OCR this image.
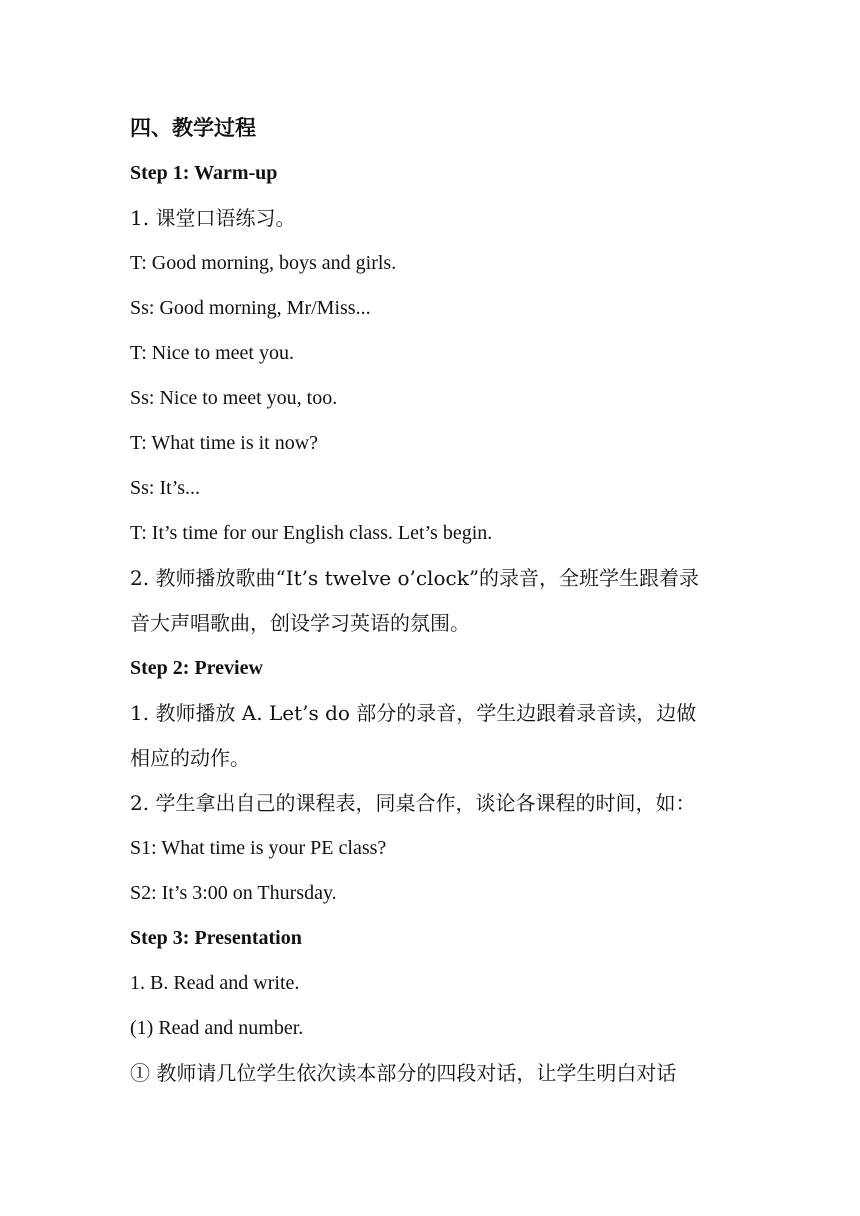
四、教学过程
Step 1: Warm-up
1. 课堂口语练习。
T: Good morning, boys and girls.
Ss: Good morning, Mr/Miss...
T: Nice to meet you.
Ss: Nice to meet you, too.
T: What time is it now?
Ss: It’s...
T: It’s time for our English class. Let’s begin.
2. 教师播放歌曲“It’s twelve o’clock”的录音，全班学生跟着录
音大声唱歌曲，创设学习英语的氛围。
Step 2: Preview
1. 教师播放 A. Let’s do 部分的录音，学生边跟着录音读，边做
相应的动作。
2. 学生拿出自己的课程表，同桌合作，谈论各课程的时间，如：
S1: What time is your PE class?
S2: It’s 3:00 on Thursday.
Step 3: Presentation
1. B. Read and write.
(1) Read and number.
① 教师请几位学生依次读本部分的四段对话，让学生明白对话
